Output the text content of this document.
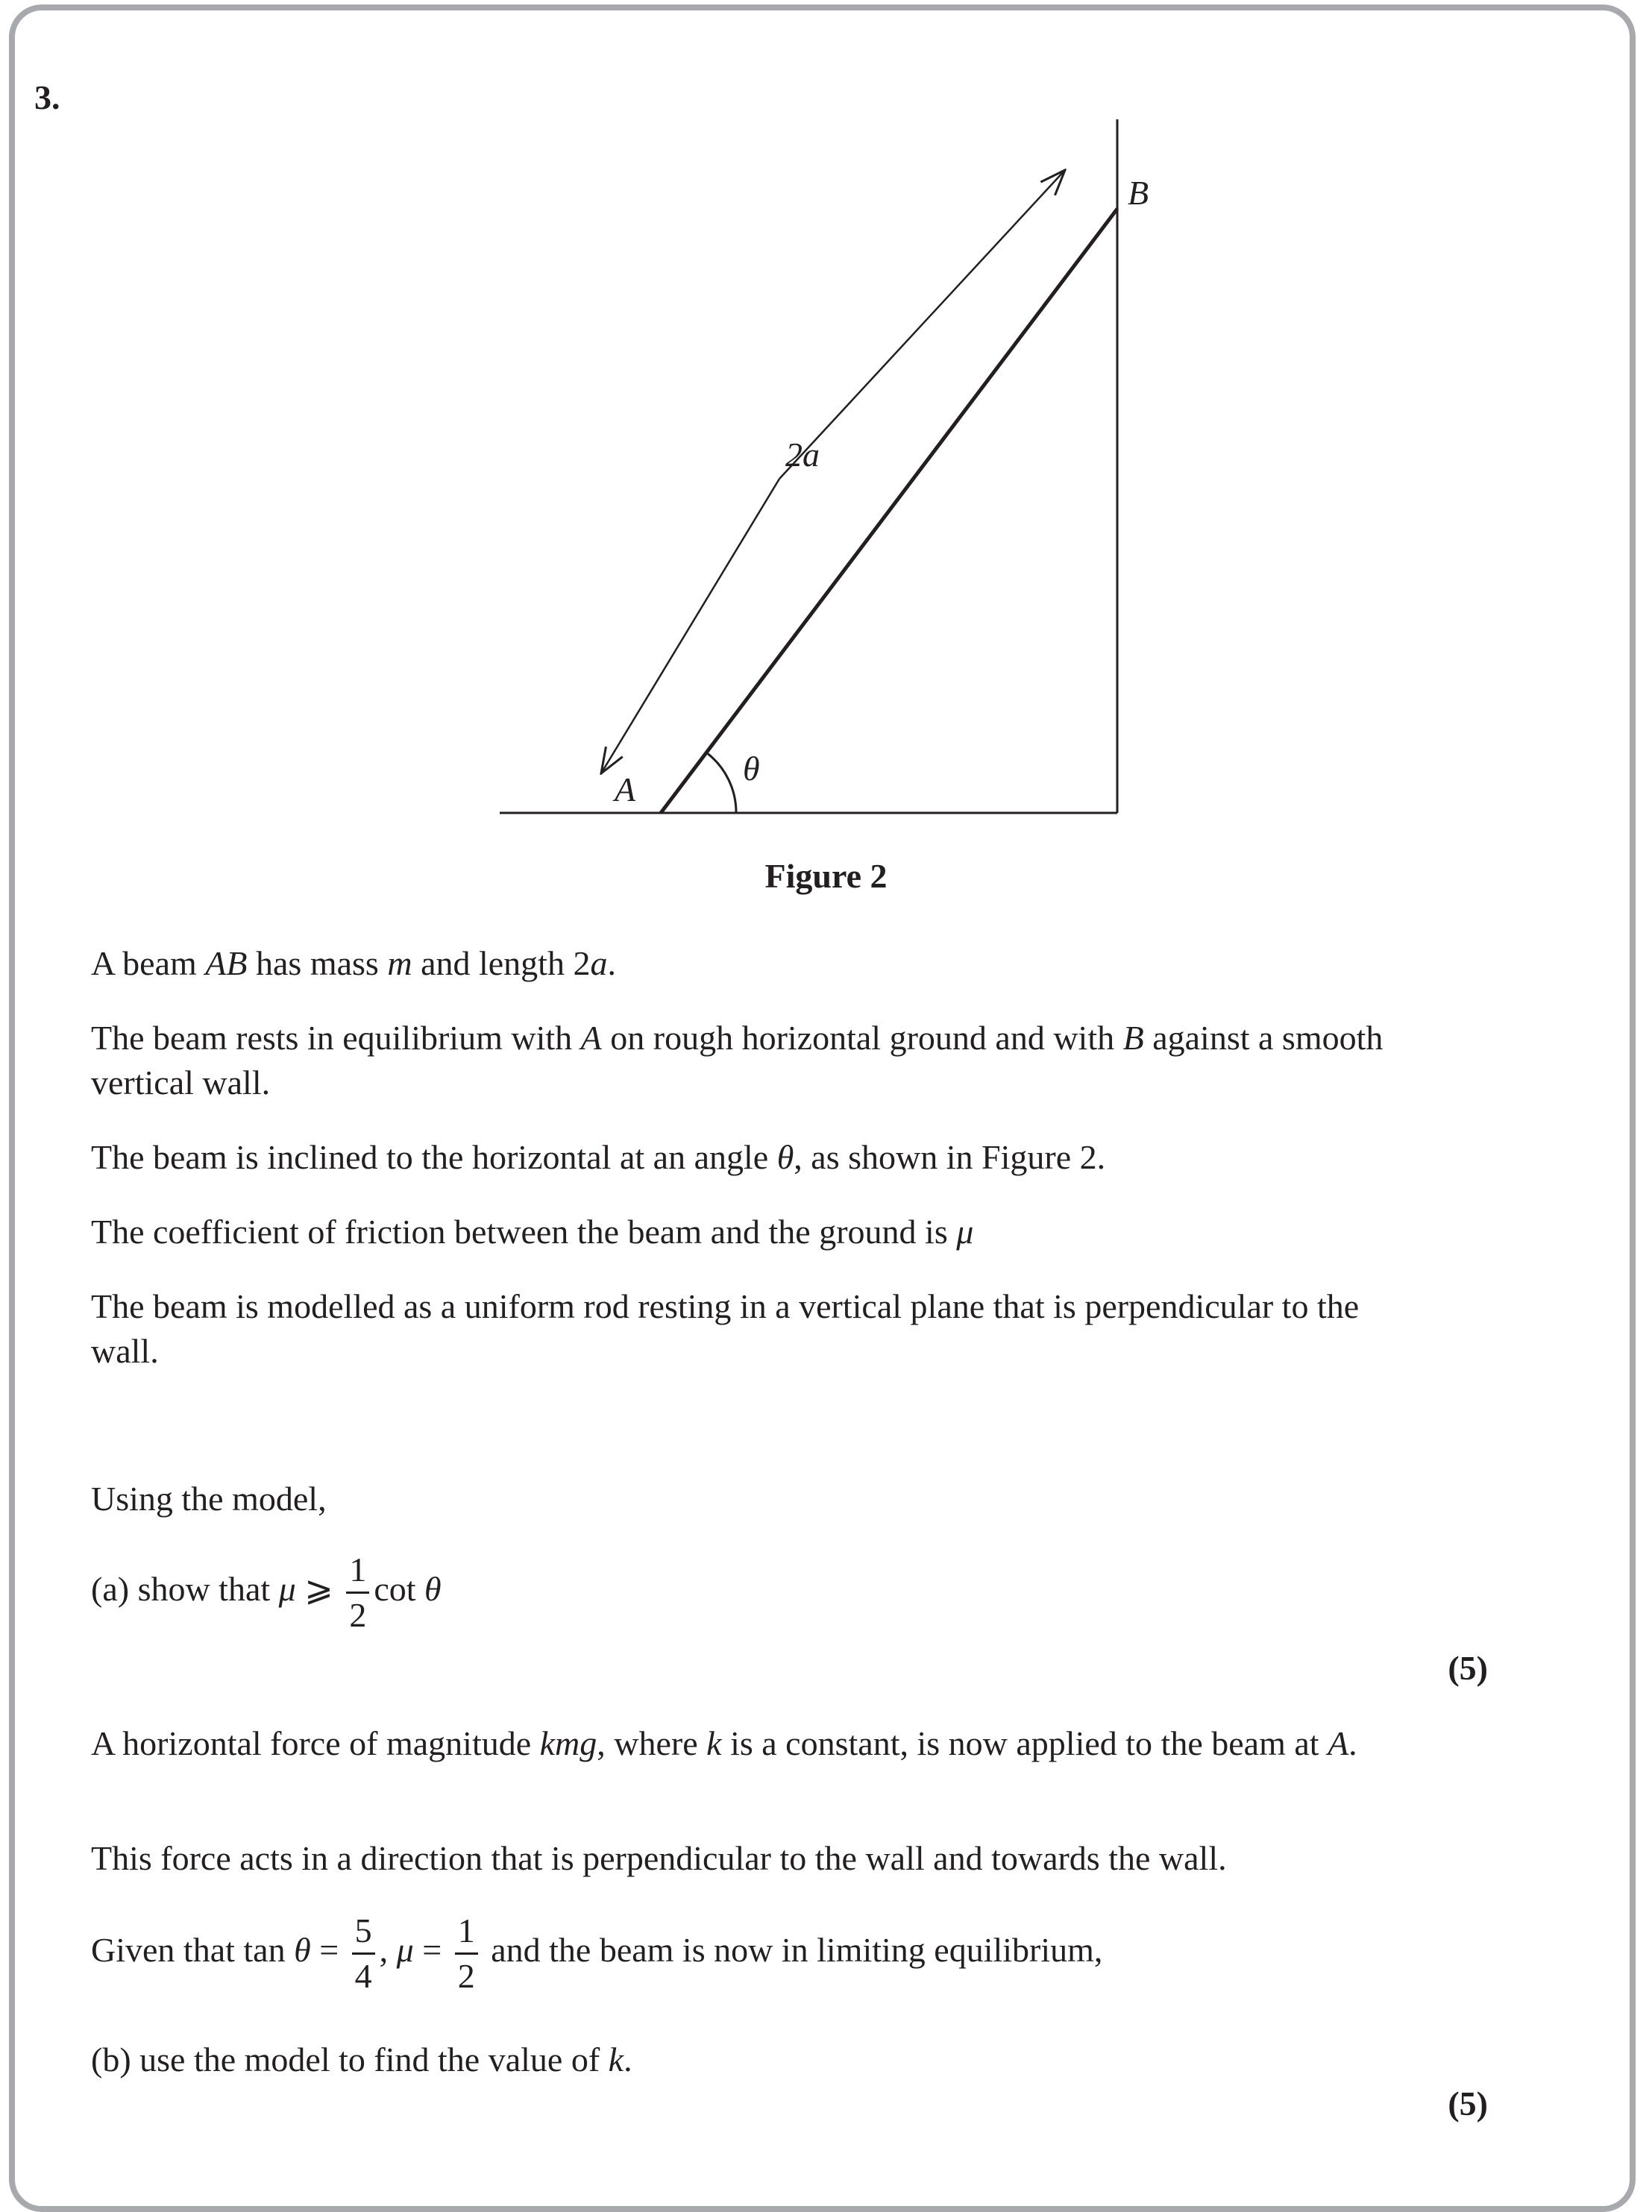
3.
B
A
2a
θ
Figure 2
A beam AB has mass m and length 2a.
The beam rests in equilibrium with A on rough horizontal ground and with B against a smooth vertical wall.
The beam is inclined to the horizontal at an angle θ, as shown in Figure 2.
The coefficient of friction between the beam and the ground is μ
The beam is modelled as a uniform rod resting in a vertical plane that is perpendicular to the wall.
Using the model,
(a) show that μ ⩾ $\frac{1}{2}$ cot θ
(5)
A horizontal force of magnitude kmg, where k is a constant, is now applied to the beam at A.
This force acts in a direction that is perpendicular to the wall and towards the wall.
Given that $\tan \theta = \frac{5}{4}$ , $\mu = \frac{1}{2}$ and the beam is now in limiting equilibrium,
(b) use the model to find the value of k.
(5)
